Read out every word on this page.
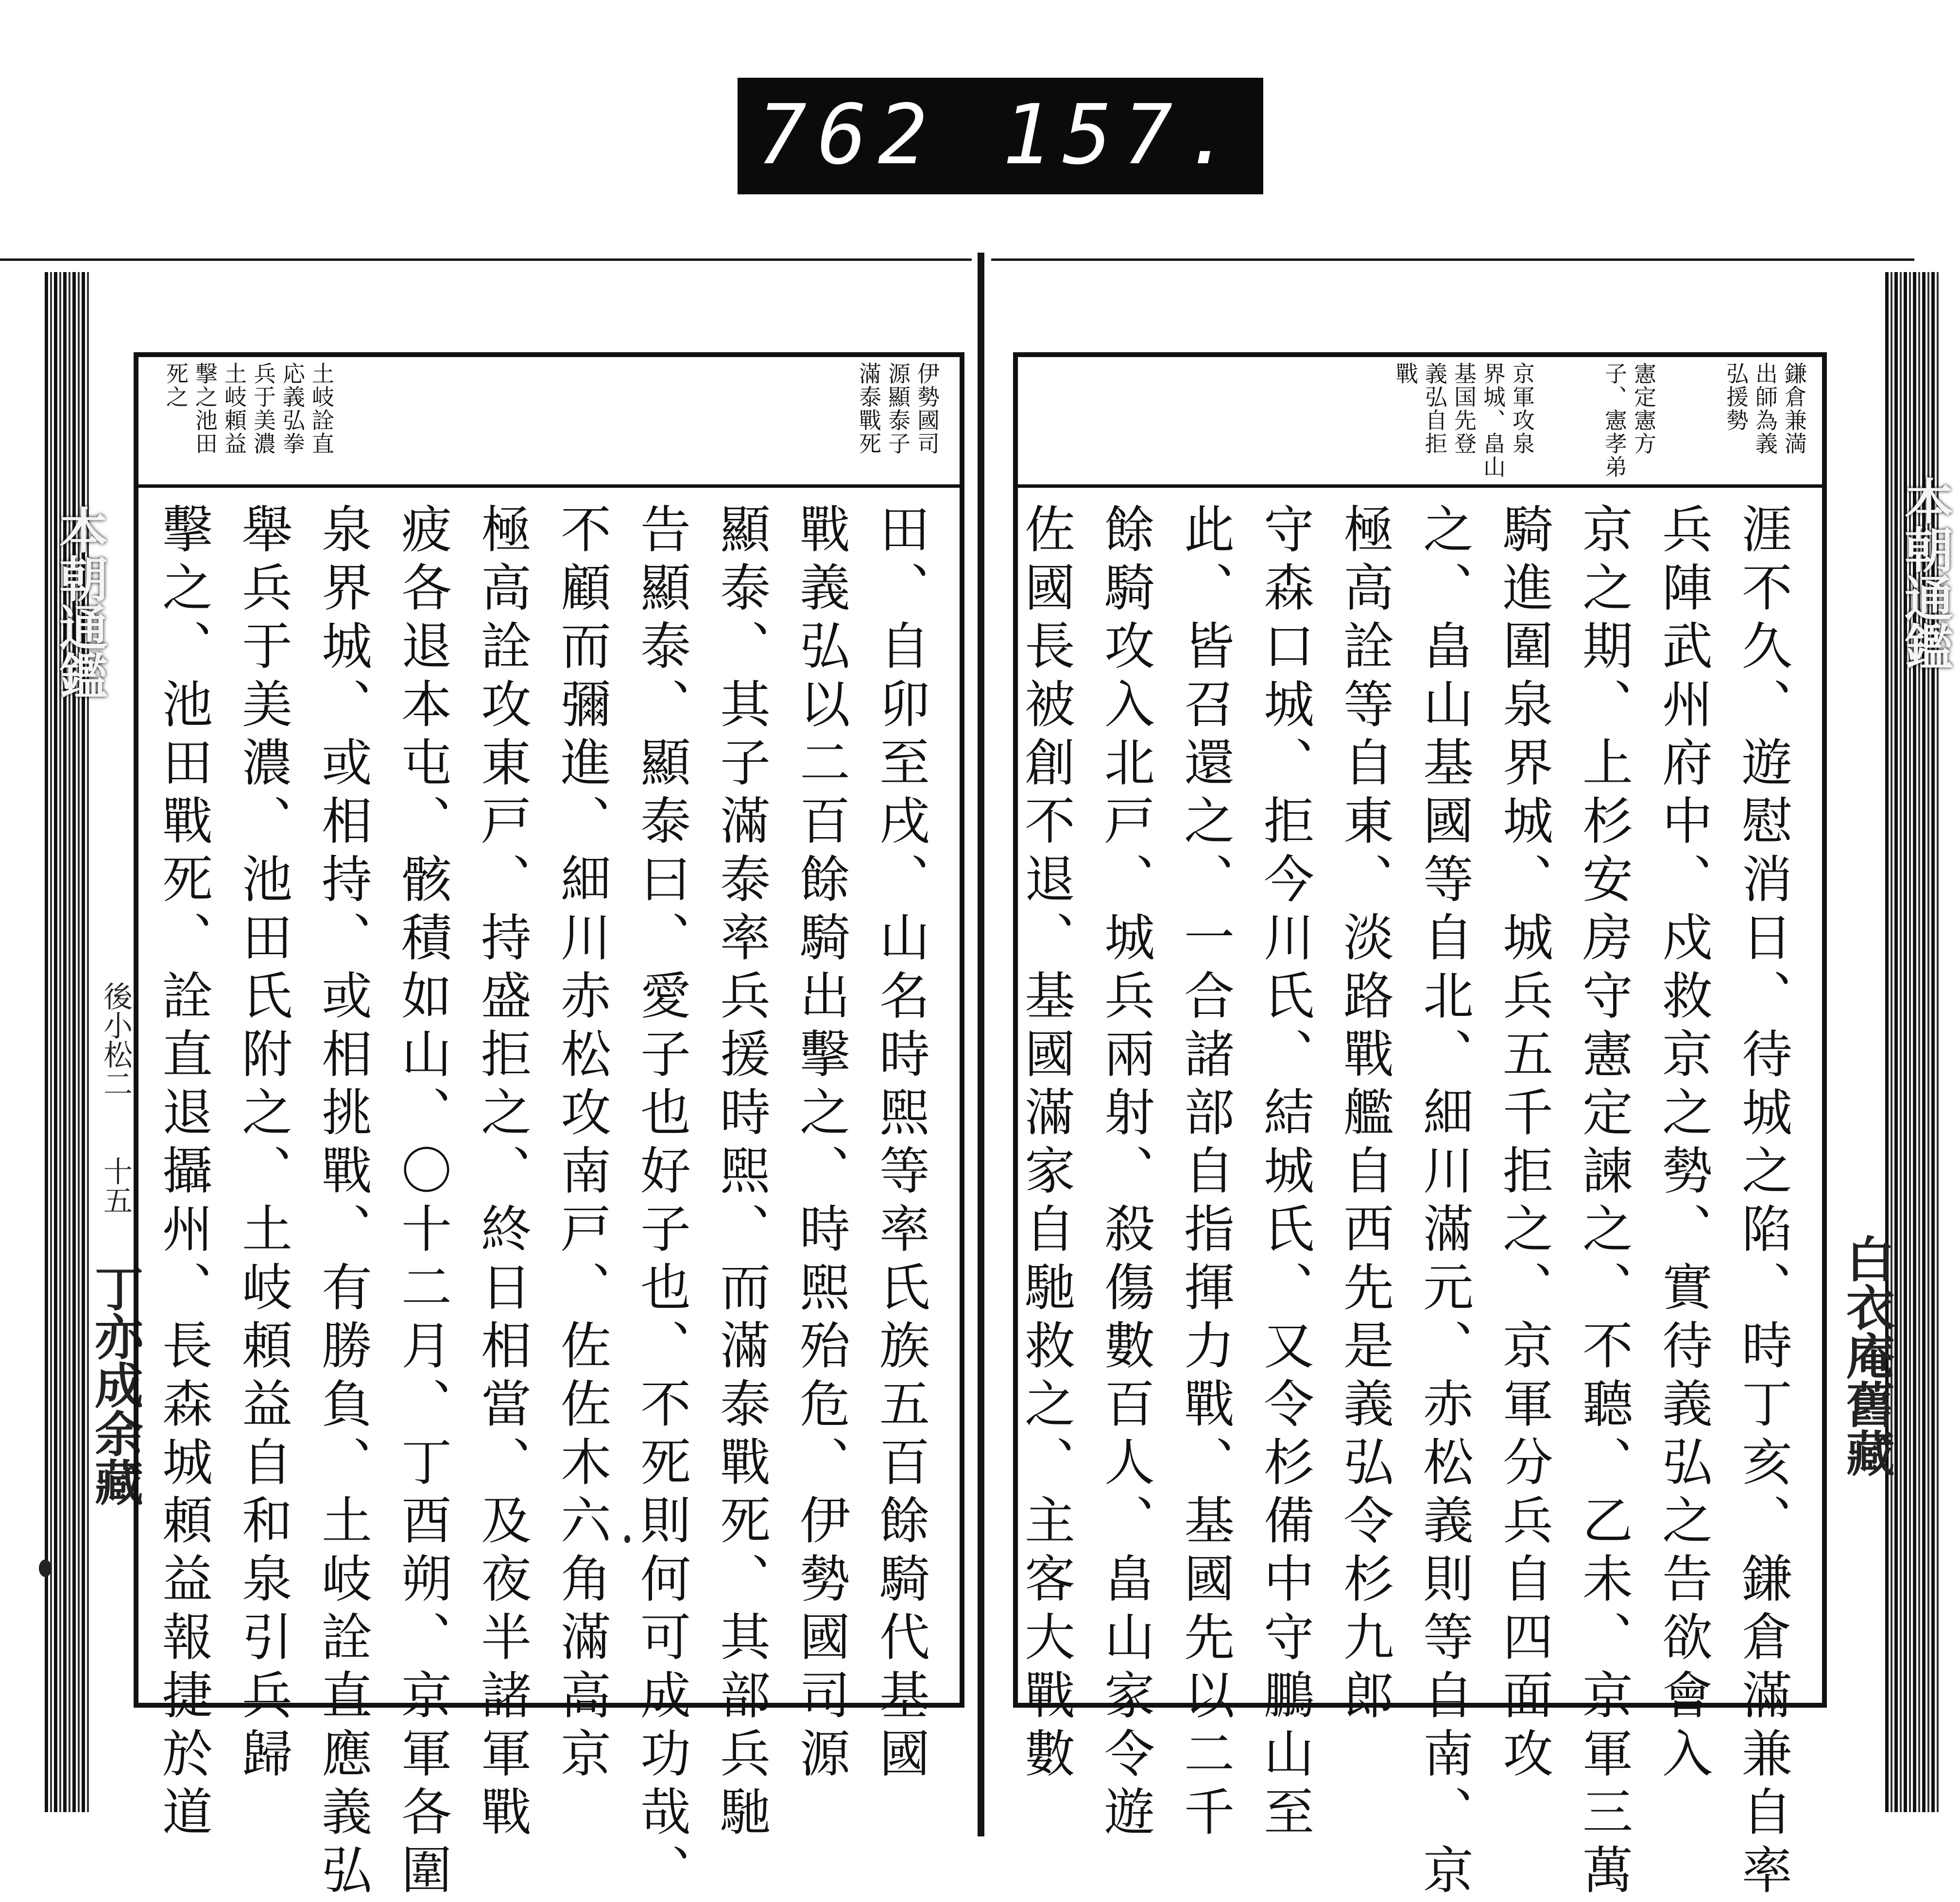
762 157.
本朝通鑑
後小松二
十五
丁亦成余藏
本朝通鑑
白衣庵舊藏
伊勢國司
源顯泰子
滿泰戰死
土岐詮直
応義弘拳
兵于美濃
土岐頼益
撃之池田
死之
田、自卯至戌、山名時煕等率氏族五百餘騎代基國
戰義弘以二百餘騎出擊之、時煕殆危、伊勢國司源
顯泰、其子滿泰率兵援時煕、而滿泰戰死、其部兵馳
告顯泰、顯泰曰、愛子也好子也、不死則何可成功哉、
不顧而彌進、細川赤松攻南戸、佐佐木六角滿高京
極高詮攻東戸、持盛拒之、終日相當、及夜半諸軍戰
疲各退本屯、骸積如山、〇十二月、丁酉朔、京軍各圍
泉界城、或相持、或相挑戰、有勝負、土岐詮直應義弘
舉兵于美濃、池田氏附之、土岐頼益自和泉引兵歸
擊之、池田戰死、詮直退攝州、長森城頼益報捷於道
鎌倉兼満
出師為義
弘援勢
憲定憲方
子、憲孝弟
京軍攻泉
界城、畠山
基国先登
義弘自拒
戰
涯不久、遊慰消日、待城之陷、時丁亥、鎌倉滿兼自率
兵陣武州府中、戍救京之勢、實待義弘之告欲會入
京之期、上杉安房守憲定諫之、不聽、乙未、京軍三萬
騎進圍泉界城、城兵五千拒之、京軍分兵自四面攻
之、畠山基國等自北、細川滿元、赤松義則等自南、京
極高詮等自東、淡路戰艦自西先是義弘令杉九郎
守森口城、拒今川氏、結城氏、又令杉備中守鵬山至
此、皆召還之、一合諸部自指揮力戰、基國先以二千
餘騎攻入北戸、城兵兩射、殺傷數百人、畠山家令遊
佐國長被創不退、基國滿家自馳救之、主客大戰數
